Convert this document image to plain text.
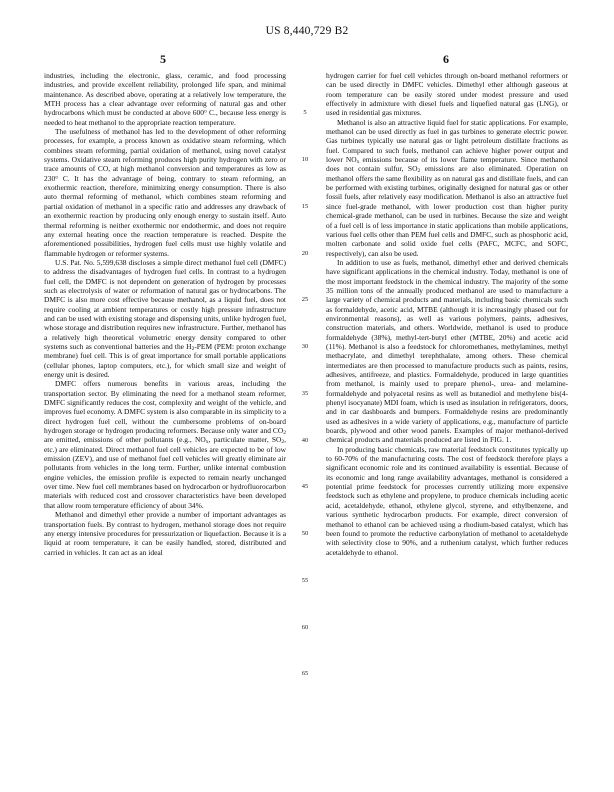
US 8,440,729 B2
5	6

industries, including the electronic, glass, ceramic, and food processing industries, and provide excellent reliability, prolonged life span, and minimal maintenance. As described above, operating at a relatively low temperature, the MTH process has a clear advantage over reforming of natural gas and other hydrocarbons which must be conducted at above 600° C., because less energy is needed to heat methanol to the appropriate reaction temperature.

The usefulness of methanol has led to the development of other reforming processes, for example, a process known as oxidative steam reforming, which combines steam reforming, partial oxidation of methanol, using novel catalyst systems. Oxidative steam reforming produces high purity hydrogen with zero or trace amounts of CO, at high methanol conversion and temperatures as low as 230° C. It has the advantage of being, contrary to steam reforming, an exothermic reaction, therefore, minimizing energy consumption. There is also auto thermal reforming of methanol, which combines steam reforming and partial oxidation of methanol in a specific ratio and addresses any drawback of an exothermic reaction by producing only enough energy to sustain itself. Auto thermal reforming is neither exothermic nor endothermic, and does not require any external heating once the reaction temperature is reached. Despite the aforementioned possibilities, hydrogen fuel cells must use highly volatile and flammable hydrogen or reformer systems.

U.S. Pat. No. 5,599,638 discloses a simple direct methanol fuel cell (DMFC) to address the disadvantages of hydrogen fuel cells. In contrast to a hydrogen fuel cell, the DMFC is not dependent on generation of hydrogen by processes such as electrolysis of water or reformation of natural gas or hydrocarbons. The DMFC is also more cost effective because methanol, as a liquid fuel, does not require cooling at ambient temperatures or costly high pressure infrastructure and can be used with existing storage and dispensing units, unlike hydrogen fuel, whose storage and distribution requires new infrastructure. Further, methanol has a relatively high theoretical volumetric energy density compared to other systems such as conventional batteries and the $H_2$-PEM (PEM: proton exchange membrane) fuel cell. This is of great importance for small portable applications (cellular phones, laptop computers, etc.), for which small size and weight of energy unit is desired.

DMFC offers numerous benefits in various areas, including the transportation sector. By eliminating the need for a methanol steam reformer, DMFC significantly reduces the cost, complexity and weight of the vehicle, and improves fuel economy. A DMFC system is also comparable in its simplicity to a direct hydrogen fuel cell, without the cumbersome problems of on-board hydrogen storage or hydrogen producing reformers. Because only water and $CO_2$ are emitted, emissions of other pollutants (e.g., $NO_x$, particulate matter, $SO_2$, etc.) are eliminated. Direct methanol fuel cell vehicles are expected to be of low emission (ZEV), and use of methanol fuel cell vehicles will greatly eliminate air pollutants from vehicles in the long term. Further, unlike internal combustion engine vehicles, the emission profile is expected to remain nearly unchanged over time. New fuel cell membranes based on hydrocarbon or hydrofluorocarbon materials with reduced cost and crossover characteristics have been developed that allow room temperature efficiency of about 34%.

Methanol and dimethyl ether provide a number of important advantages as transportation fuels. By contrast to hydrogen, methanol storage does not require any energy intensive procedures for pressurization or liquefaction. Because it is a liquid at room temperature, it can be easily handled, stored, distributed and carried in vehicles. It can act as an ideal

hydrogen carrier for fuel cell vehicles through on-board methanol reformers or can be used directly in DMFC vehicles. Dimethyl ether although gaseous at room temperature can be easily stored under modest pressure and used effectively in admixture with diesel fuels and liquefied natural gas (LNG), or used in residential gas mixtures.

Methanol is also an attractive liquid fuel for static applications. For example, methanol can be used directly as fuel in gas turbines to generate electric power. Gas turbines typically use natural gas or light petroleum distillate fractions as fuel. Compared to such fuels, methanol can achieve higher power output and lower $NO_x$ emissions because of its lower flame temperature. Since methanol does not contain sulfur, $SO_2$ emissions are also eliminated. Operation on methanol offers the same flexibility as on natural gas and distillate fuels, and can be performed with existing turbines, originally designed for natural gas or other fossil fuels, after relatively easy modification. Methanol is also an attractive fuel since fuel-grade methanol, with lower production cost than higher purity chemical-grade methanol, can be used in turbines. Because the size and weight of a fuel cell is of less importance in static applications than mobile applications, various fuel cells other than PEM fuel cells and DMFC, such as phosphoric acid, molten carbonate and solid oxide fuel cells (PAFC, MCFC, and SOFC, respectively), can also be used.

In addition to use as fuels, methanol, dimethyl ether and derived chemicals have significant applications in the chemical industry. Today, methanol is one of the most important feedstock in the chemical industry. The majority of the some 35 million tons of the annually produced methanol are used to manufacture a large variety of chemical products and materials, including basic chemicals such as formaldehyde, acetic acid, MTBE (although it is increasingly phased out for environmental reasons), as well as various polymers, paints, adhesives, construction materials, and others. Worldwide, methanol is used to produce formaldehyde (38%), methyl-tert-butyl ether (MTBE, 20%) and acetic acid (11%). Methanol is also a feedstock for chloromethanes, methylamines, methyl methacrylate, and dimethyl terephthalate, among others. These chemical intermediates are then processed to manufacture products such as paints, resins, adhesives, antifreeze, and plastics. Formaldehyde, produced in large quantities from methanol, is mainly used to prepare phenol-, urea- and melamine-formaldehyde and polyacetal resins as well as butanediol and methylene bis(4-phenyl isocyanate) MDI foam, which is used as insulation in refrigerators, doors, and in car dashboards and bumpers. Formaldehyde resins are predominantly used as adhesives in a wide variety of applications, e.g., manufacture of particle boards, plywood and other wood panels. Examples of major methanol-derived chemical products and materials produced are listed in FIG. 1.

In producing basic chemicals, raw material feedstock constitutes typically up to 60-70% of the manufacturing costs. The cost of feedstock therefore plays a significant economic role and its continued availability is essential. Because of its economic and long range availability advantages, methanol is considered a potential prime feedstock for processes currently utilizing more expensive feedstock such as ethylene and propylene, to produce chemicals including acetic acid, acetaldehyde, ethanol, ethylene glycol, styrene, and ethylbenzene, and various synthetic hydrocarbon products. For example, direct conversion of methanol to ethanol can be achieved using a rhodium-based catalyst, which has been found to promote the reductive carbonylation of methanol to acetaldehyde with selectivity close to 90%, and a ruthenium catalyst, which further reduces acetaldehyde to ethanol.

5
10
15
20
25
30
35
40
45
50
55
60
65
